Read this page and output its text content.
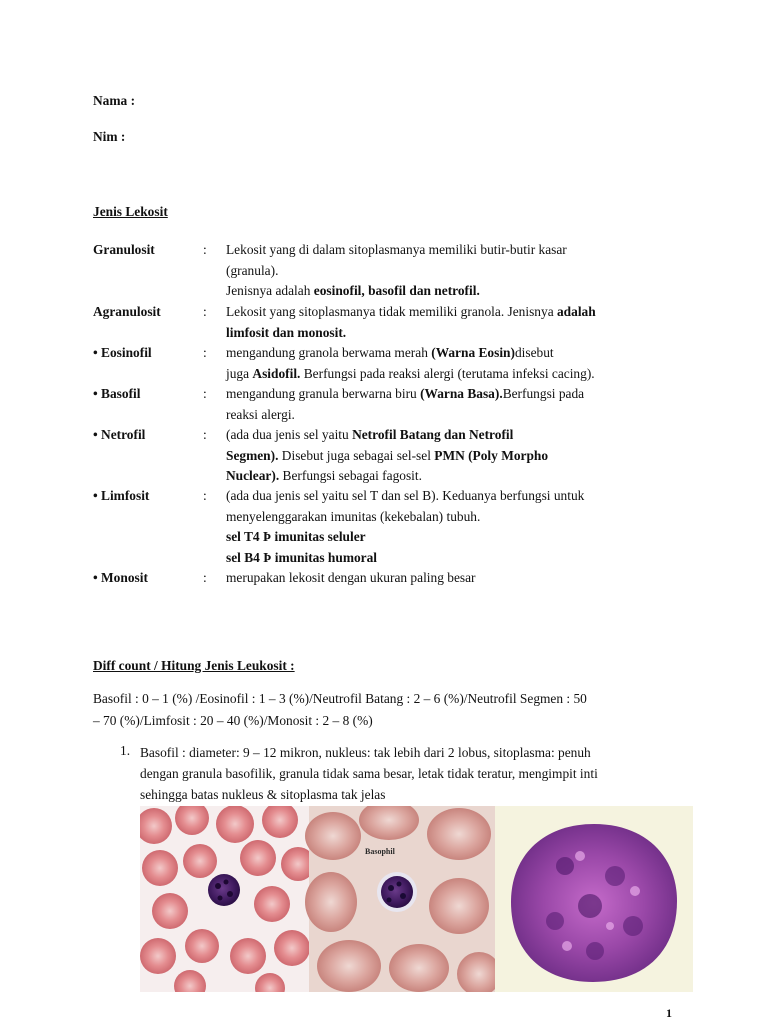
Nama :
Nim :
Jenis Lekosit
Granulosit	:	Lekosit yang di dalam sitoplasmanya memiliki butir-butir kasar
(granula).
Jenisnya adalah eosinofil, basofil dan netrofil.
Agranulosit	:	Lekosit yang sitoplasmanya tidak memiliki granola. Jenisnya adalah
limfosit dan monosit.
• Eosinofil	:	mengandung granola berwama merah (Warna Eosin)disebut
juga Asidofil. Berfungsi pada reaksi alergi (terutama infeksi cacing).
• Basofil	:	mengandung granula berwarna biru (Warna Basa).Berfungsi pada
reaksi alergi.
• Netrofil	:	(ada dua jenis sel yaitu Netrofil Batang dan Netrofil
Segmen). Disebut juga sebagai sel-sel PMN (Poly Morpho
Nuclear). Berfungsi sebagai fagosit.
• Limfosit	:	(ada dua jenis sel yaitu sel T dan sel B). Keduanya berfungsi untuk
menyelenggarakan imunitas (kekebalan) tubuh.
sel T4 Þ imunitas seluler
sel B4 Þ imunitas humoral
• Monosit	:	merupakan lekosit dengan ukuran paling besar
Diff count / Hitung Jenis Leukosit :
Basofil : 0 – 1 (%) /Eosinofil : 1 – 3 (%)/Neutrofil Batang : 2 – 6 (%)/Neutrofil Segmen : 50
– 70 (%)/Limfosit : 20 – 40 (%)/Monosit : 2 – 8 (%)
1. Basofil : diameter: 9 – 12 mikron, nukleus: tak lebih dari 2 lobus, sitoplasma: penuh
dengan granula basofilik, granula tidak sama besar, letak tidak teratur, mengimpit inti
sehingga batas nukleus & sitoplasma tak jelas
Basophil
1
